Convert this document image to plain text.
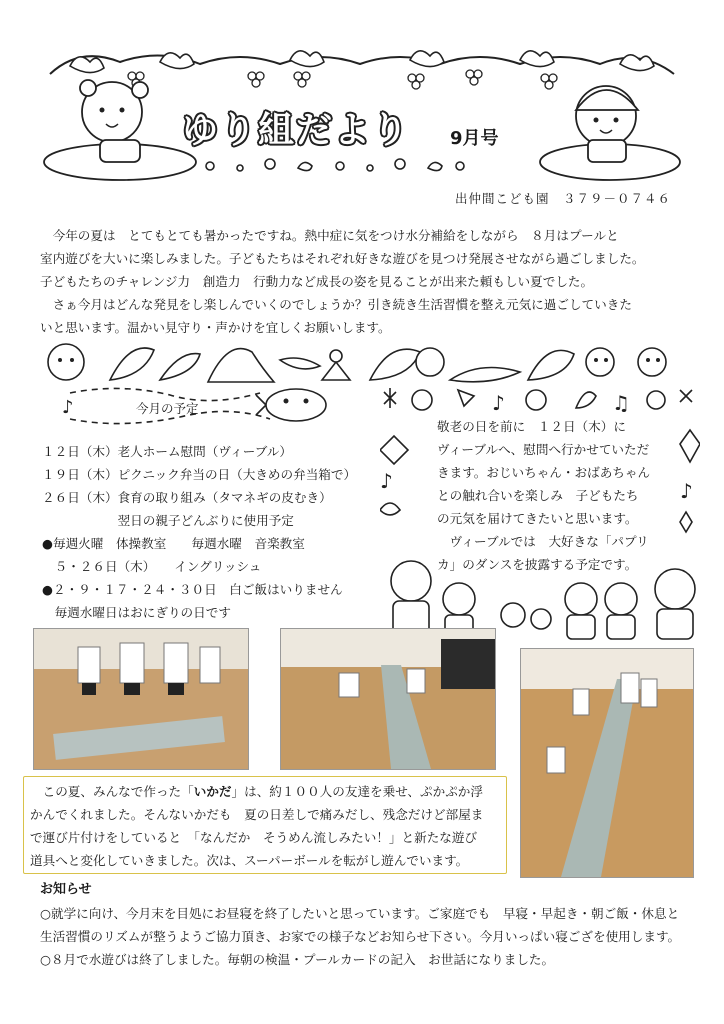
ゆり組だより 9月号
出仲間こども園　３７９－０７４６
　今年の夏は　とてもとても暑かったですね。熱中症に気をつけ水分補給をしながら　８月はプールと
室内遊びを大いに楽しみました。子どもたちはそれぞれ好きな遊びを見つけ発展させながら過ごしました。
子どもたちのチャレンジ力　創造力　行動力など成長の姿を見ることが出来た頼もしい夏でした。
　さぁ今月はどんな発見をし楽しんでいくのでしょうか？引き続き生活習慣を整え元気に過ごしていきた
いと思います。温かい見守り・声かけを宜しくお願いします。
♪	今月の予定
１２日（木）老人ホーム慰問（ヴィーブル）
１９日（木）ピクニック弁当の日（大きめの弁当箱で）
２６日（木）食育の取り組み（タマネギの皮むき）
　　　　　　翌日の親子どんぶりに使用予定
●毎週火曜　体操教室　　毎週水曜　音楽教室
　５・２６日（木）　　イングリッシュ
●２・９・１７・２４・３０日　白ご飯はいりません
　毎週水曜日はおにぎりの日です
♪	♫
♪	♪
敬老の日を前に　１２日（木）に
ヴィーブルへ、慰問へ行かせていただ
きます。おじいちゃん・おばあちゃん
との触れ合いを楽しみ　子どもたち
の元気を届けてきたいと思います。
　ヴィーブルでは　大好きな「パプリ
カ」のダンスを披露する予定です。
　この夏、みんなで作った「いかだ」は、約１００人の友達を乗せ、ぷかぷか浮
かんでくれました。そんないかだも　夏の日差しで痛みだし、残念だけど部屋ま
で運び片付けをしていると　「なんだか　そうめん流しみたい！」と新たな遊び
道具へと変化していきました。次は、スーパーボールを転がし遊んでいます。
お知らせ
○就学に向け、今月末を目処にお昼寝を終了したいと思っています。ご家庭でも　早寝・早起き・朝ご飯・休息と
生活習慣のリズムが整うようご協力頂き、お家での様子などお知らせ下さい。今月いっぱい寝ござを使用します。
○８月で水遊びは終了しました。毎朝の検温・プールカードの記入　お世話になりました。
